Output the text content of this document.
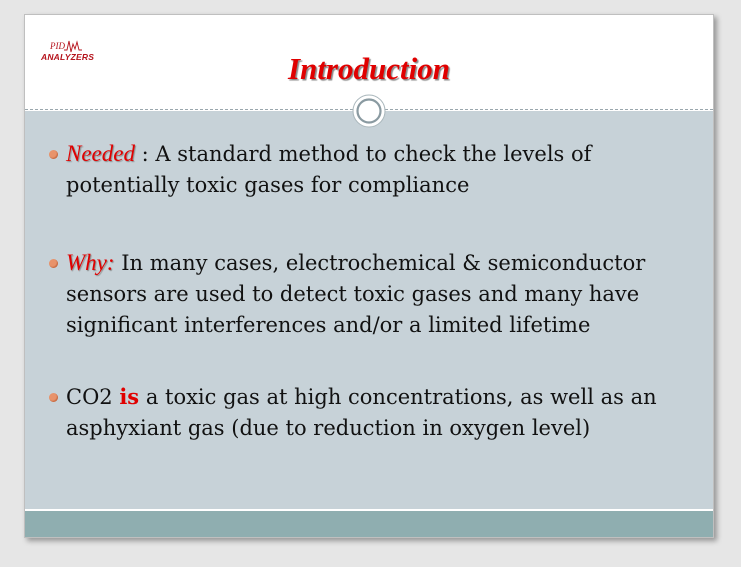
PID
ANALYZERS	Introduction
Needed : A standard method to check the levels of potentially toxic gases for compliance
Why: In many cases, electrochemical & semiconductor sensors are used to detect toxic gases and many have significant interferences and/or a limited lifetime
CO2 is a toxic gas at high concentrations, as well as an asphyxiant gas (due to reduction in oxygen level)
